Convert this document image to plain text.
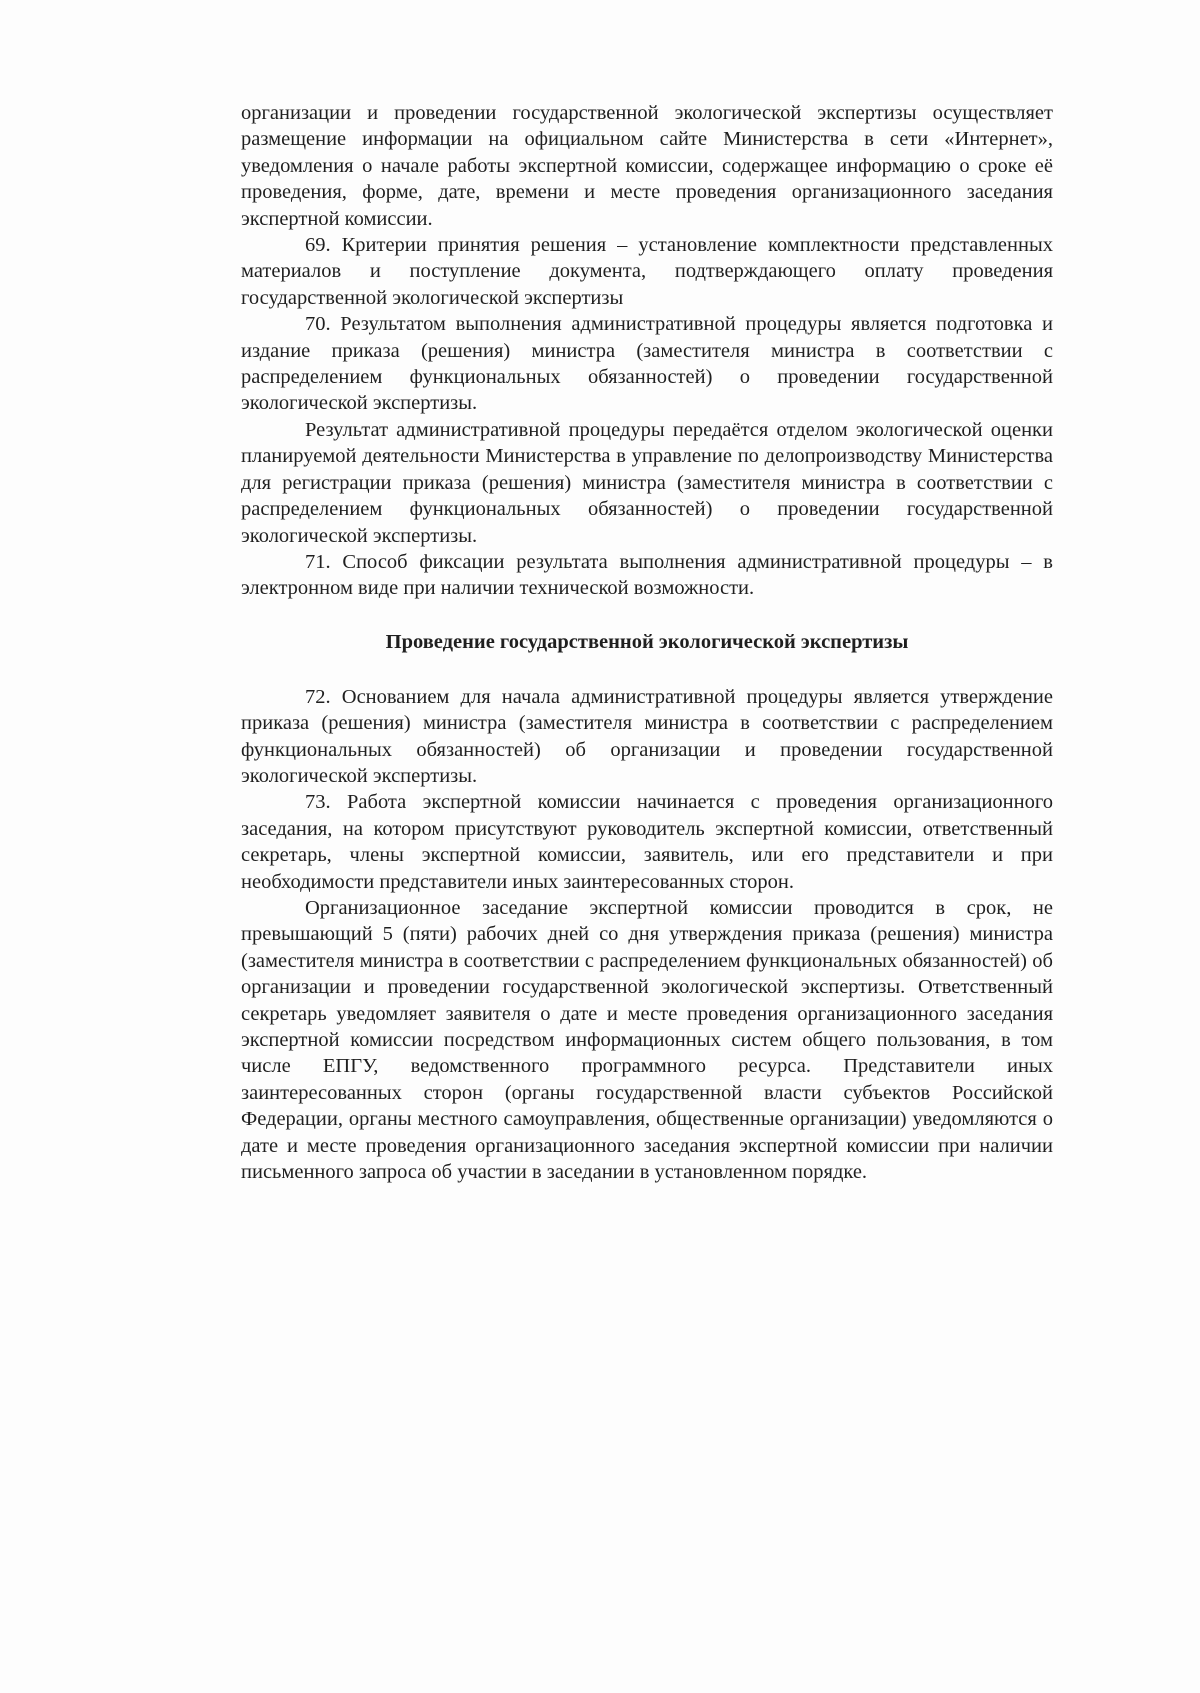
организации и проведении государственной экологической экспертизы осуществляет размещение информации на официальном сайте Министерства в сети «Интернет», уведомления о начале работы экспертной комиссии, содержащее информацию о сроке её проведения, форме, дате, времени и месте проведения организационного заседания экспертной комиссии.

69. Критерии принятия решения – установление комплектности представленных материалов и поступление документа, подтверждающего оплату проведения государственной экологической экспертизы

70. Результатом выполнения административной процедуры является подготовка и издание приказа (решения) министра (заместителя министра в соответствии с распределением функциональных обязанностей) о проведении государственной экологической экспертизы.

Результат административной процедуры передаётся отделом экологической оценки планируемой деятельности Министерства в управление по делопроизводству Министерства для регистрации приказа (решения) министра (заместителя министра в соответствии с распределением функциональных обязанностей) о проведении государственной экологической экспертизы.

71. Способ фиксации результата выполнения административной процедуры – в электронном виде при наличии технической возможности.

Проведение государственной экологической экспертизы

72. Основанием для начала административной процедуры является утверждение приказа (решения) министра (заместителя министра в соответствии с распределением функциональных обязанностей) об организации и проведении государственной экологической экспертизы.

73. Работа экспертной комиссии начинается с проведения организационного заседания, на котором присутствуют руководитель экспертной комиссии, ответственный секретарь, члены экспертной комиссии, заявитель, или его представители и при необходимости представители иных заинтересованных сторон.

Организационное заседание экспертной комиссии проводится в срок, не превышающий 5 (пяти) рабочих дней со дня утверждения приказа (решения) министра (заместителя министра в соответствии с распределением функциональных обязанностей) об организации и проведении государственной экологической экспертизы. Ответственный секретарь уведомляет заявителя о дате и месте проведения организационного заседания экспертной комиссии посредством информационных систем общего пользования, в том числе ЕПГУ, ведомственного программного ресурса. Представители иных заинтересованных сторон (органы государственной власти субъектов Российской Федерации, органы местного самоуправления, общественные организации) уведомляются о дате и месте проведения организационного заседания экспертной комиссии при наличии письменного запроса об участии в заседании в установленном порядке.
